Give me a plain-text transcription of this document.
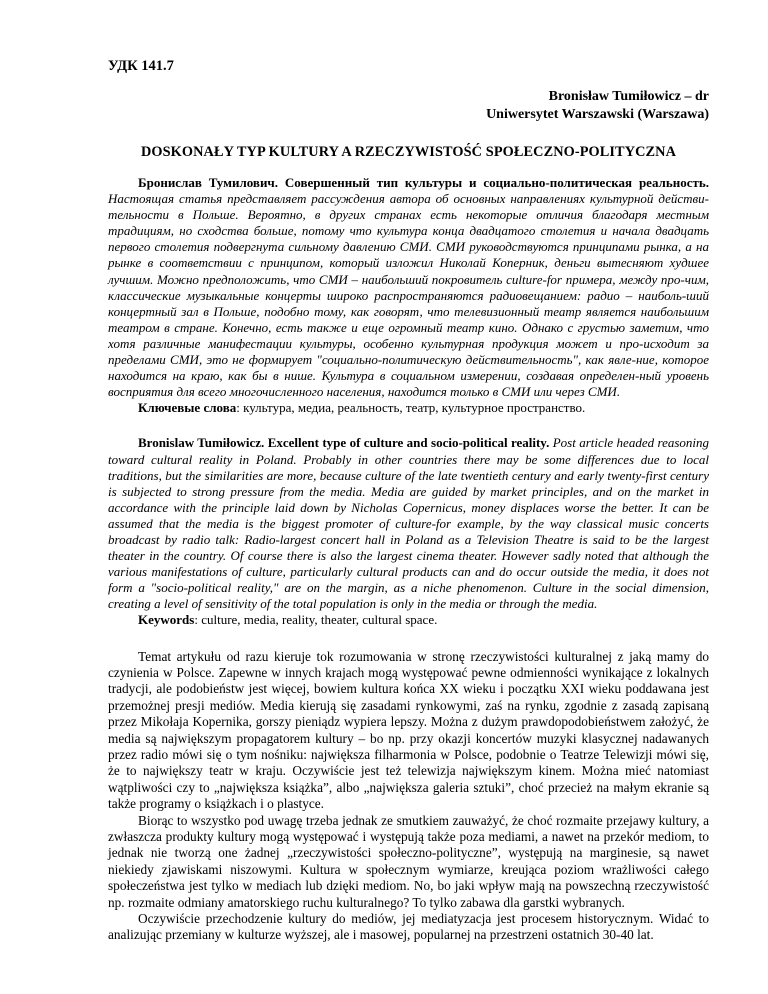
УДК 141.7

Bronisław Tumiłowicz – dr
Uniwersytet Warszawski (Warszawa)
DOSKONAŁY TYP KULTURY A RZECZYWISTOŚĆ SPOŁECZNO-POLITYCZNA

Бронислав Тумилович. Совершенный тип культуры и социально-политическая реальность. Настоящая статья представляет рассуждения автора об основных направлениях культурной действи-тельности в Польше. Вероятно, в других странах есть некоторые отличия благодаря местным традициям, но сходства больше, потому что культура конца двадцатого столетия и начала двадцать первого столетия подвергнута сильному давлению СМИ. СМИ руководствуются принципами рынка, а на рынке в соответствии с принципом, который изложил Николай Коперник, деньги вытесняют худшее лучшим. Можно предположить, что СМИ – наибольший покровитель culture-for примера, между про-чим, классические музыкальные концерты широко распространяются радиовещанием: радио – наиболь-ший концертный зал в Польше, подобно тому, как говорят, что телевизионный театр является наибольшим театром в стране. Конечно, есть также и еще огромный театр кино. Однако с грустью заметим, что хотя различные манифестации культуры, особенно культурная продукция может и про-исходит за пределами СМИ, это не формирует "социально-политическую действительность", как явле-ние, которое находится на краю, как бы в нише. Культура в социальном измерении, создавая определен-ный уровень восприятия для всего многочисленного населения, находится только в СМИ или через СМИ.

Ключевые слова: культура, медиа, реальность, театр, культурное пространство.

Bronislaw Tumiłowicz. Excellent type of culture and socio-political reality. Post article headed reasoning toward cultural reality in Poland. Probably in other countries there may be some differences due to local traditions, but the similarities are more, because culture of the late twentieth century and early twenty-first century is subjected to strong pressure from the media. Media are guided by market principles, and on the market in accordance with the principle laid down by Nicholas Copernicus, money displaces worse the better. It can be assumed that the media is the biggest promoter of culture-for example, by the way classical music concerts broadcast by radio talk: Radio-largest concert hall in Poland as a Television Theatre is said to be the largest theater in the country. Of course there is also the largest cinema theater. However sadly noted that although the various manifestations of culture, particularly cultural products can and do occur outside the media, it does not form a "socio-political reality," are on the margin, as a niche phenomenon. Culture in the social dimension, creating a level of sensitivity of the total population is only in the media or through the media.

Keywords: culture, media, reality, theater, cultural space.

Temat artykułu od razu kieruje tok rozumowania w stronę rzeczywistości kulturalnej z jaką mamy do czynienia w Polsce. Zapewne w innych krajach mogą występować pewne odmienności wynikające z lokalnych tradycji, ale podobieństw jest więcej, bowiem kultura końca XX wieku i początku XXI wieku poddawana jest przemożnej presji mediów. Media kierują się zasadami rynkowymi, zaś na rynku, zgodnie z zasadą zapisaną przez Mikołaja Kopernika, gorszy pieniądz wypiera lepszy. Można z dużym prawdopodobieństwem założyć, że media są największym propagatorem kultury – bo np. przy okazji koncertów muzyki klasycznej nadawanych przez radio mówi się o tym nośniku: największa filharmonia w Polsce, podobnie o Teatrze Telewizji mówi się, że to największy teatr w kraju. Oczywiście jest też telewizja największym kinem. Można mieć natomiast wątpliwości czy to „największa książka”, albo „największa galeria sztuki”, choć przecież na małym ekranie są także programy o książkach i o plastyce.

Biorąc to wszystko pod uwagę trzeba jednak ze smutkiem zauważyć, że choć rozmaite przejawy kultury, a zwłaszcza produkty kultury mogą występować i występują także poza mediami, a nawet na przekór mediom, to jednak nie tworzą one żadnej „rzeczywistości społeczno-polityczne”, występują na marginesie, są nawet niekiedy zjawiskami niszowymi. Kultura w społecznym wymiarze, kreująca poziom wrażliwości całego społeczeństwa jest tylko w mediach lub dzięki mediom. No, bo jaki wpływ mają na powszechną rzeczywistość np. rozmaite odmiany amatorskiego ruchu kulturalnego? To tylko zabawa dla garstki wybranych.

Oczywiście przechodzenie kultury do mediów, jej mediatyzacja jest procesem historycznym. Widać to analizując przemiany w kulturze wyższej, ale i masowej, popularnej na przestrzeni ostatnich 30-40 lat.
